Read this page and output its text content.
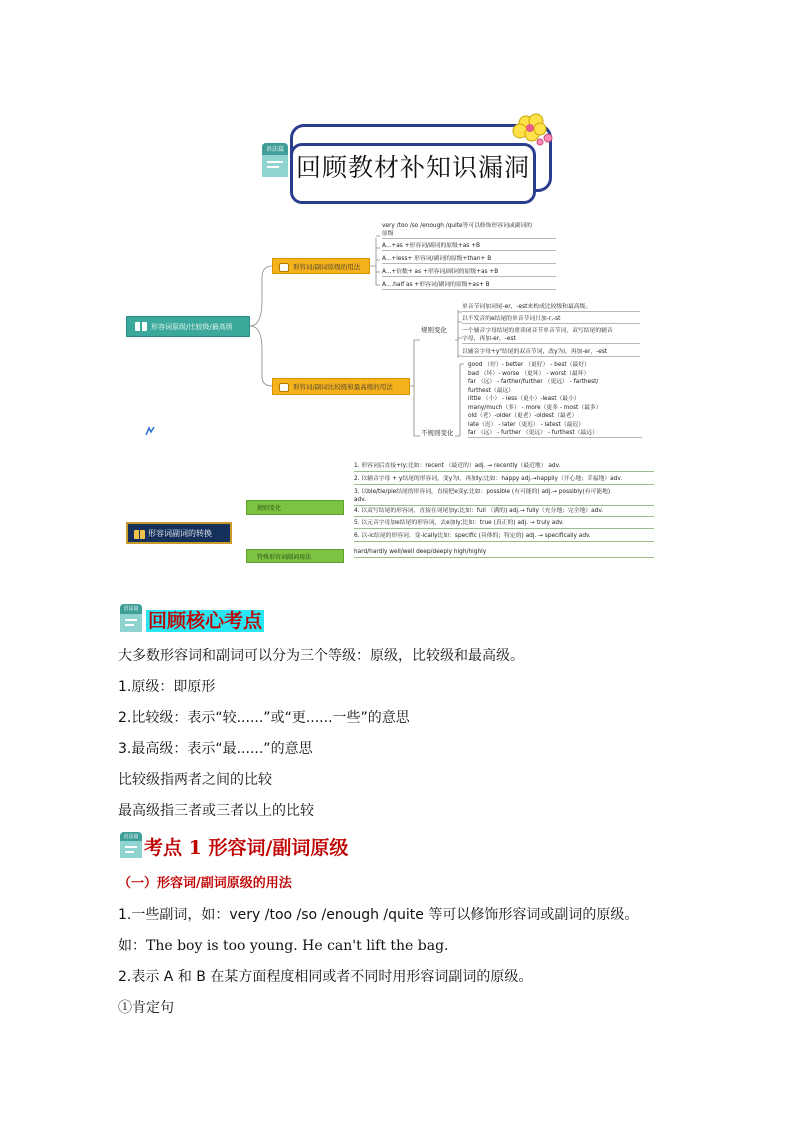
回顾教材补知识漏洞
语法篇
形容词原级/比较级/最高级
形容词/副词原级的用法
very /too /so /enough /quite等可以修饰形容词或副词的
原级
A...+as +形容词/副词的原级+as +B
A...+less+ 形容词/副词的原级+than+ B
A...+倍数+ as +形容词/副词的原级+as +B
A....half as +形容词/副词的原级+as+ B
形容词/副词比较级和最高级的用法
规则变化
单音节词加词尾-er，-est来构成比较级和最高级。
以不发音的e结尾的单音节词只加-r,-st
一个辅音字母结尾的重读闭音节单音节词，双写结尾的辅音
字母，再加-er，-est
以辅音字母+y"结尾的双音节词，改y为i，再加-er，-est
不规则变化
good （好）- better （更好） - best（最好）
bad （坏）- worse （更坏） - worst（最坏）
far （远） - farther/further （更远） - farthest/
furthest（最远）
little （小） - less（更小）-least（最小）
many/much（多） - more（更多 - most（最多）
old（老）-older（更老）-oldest（最老）
late（迟） - later（更迟） - latest（最迟）
far （远） - further （更远） - furthest（最远）
形容词副词的转换
规则变化
特殊形容词副词用法
1. 形容词后直接+ly;比如：recent （最近的）adj. → recently（最近地） adv.
2. 以辅音字母 + y结尾的形容词，变y为i，再加ly;比如：happy adj.→happily（开心地；幸福地）adv.
3. 以ble/tle/ple结尾的形容词，直接把e变y;比如：possible (有可能的) adj.→ possibly(有可能地)
adv.
4. 以双写结尾的形容词，直接在词尾加y;比如：full （满的) adj.→ fully（充分地；完全地）adv.
5. 以元音字母加e结尾的形容词，去e加ly;比如：true (真正的) adj. → truly adv.
6. 以-ic结尾的形容词，变-ically比如：specific (具体的；特定的) adj. → specifically adv.
hard/hardly well/well deep/deeply high/highly
语法篇
回顾核心考点
大多数形容词和副词可以分为三个等级：原级，比较级和最高级。
1.原级：即原形
2.比较级：表示“较......”或“更......一些”的意思
3.最高级：表示“最......”的意思
比较级指两者之间的比较
最高级指三者或三者以上的比较
语法篇 考点 1 形容词/副词原级
（一）形容词/副词原级的用法
1.一些副词，如：very /too /so /enough /quite 等可以修饰形容词或副词的原级。
如：The boy is too young. He can't lift the bag.
2.表示 A 和 B 在某方面程度相同或者不同时用形容词副词的原级。
①肯定句
